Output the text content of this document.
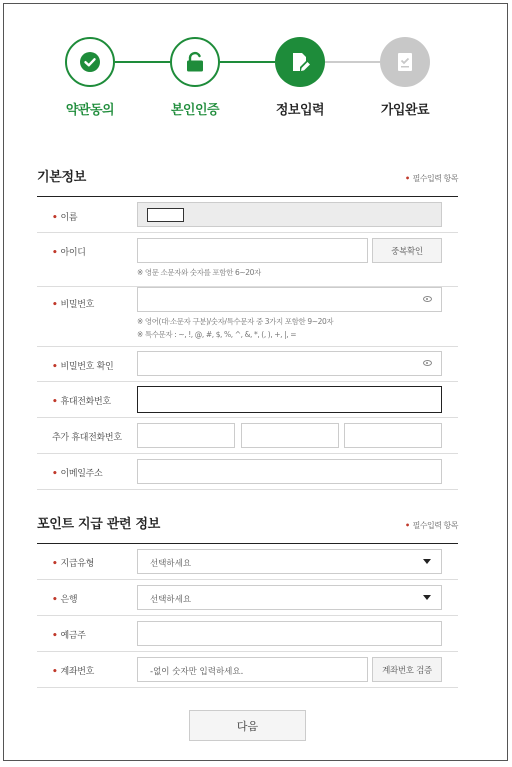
약관동의	본인인증	정보입력	가입완료
기본정보	• 필수입력 항목
• 이름
• 아이디	중복확인
※ 영문 소문자와 숫자를 포함한 6~20자
• 비밀번호
※ 영어(대·소문자 구분)/숫자/특수문자 중 3가지 포함한 9~20자
※ 특수문자 : ~, !, @, #, $, %, ^, &, *, (, ), +, |, =
• 비밀번호 확인
• 휴대전화번호
추가 휴대전화번호
• 이메일주소
포인트 지급 관련 정보	• 필수입력 항목
• 지급유형	선택하세요
• 은행	선택하세요
• 예금주
• 계좌번호	-없이 숫자만 입력하세요.	계좌번호 검증
다음
